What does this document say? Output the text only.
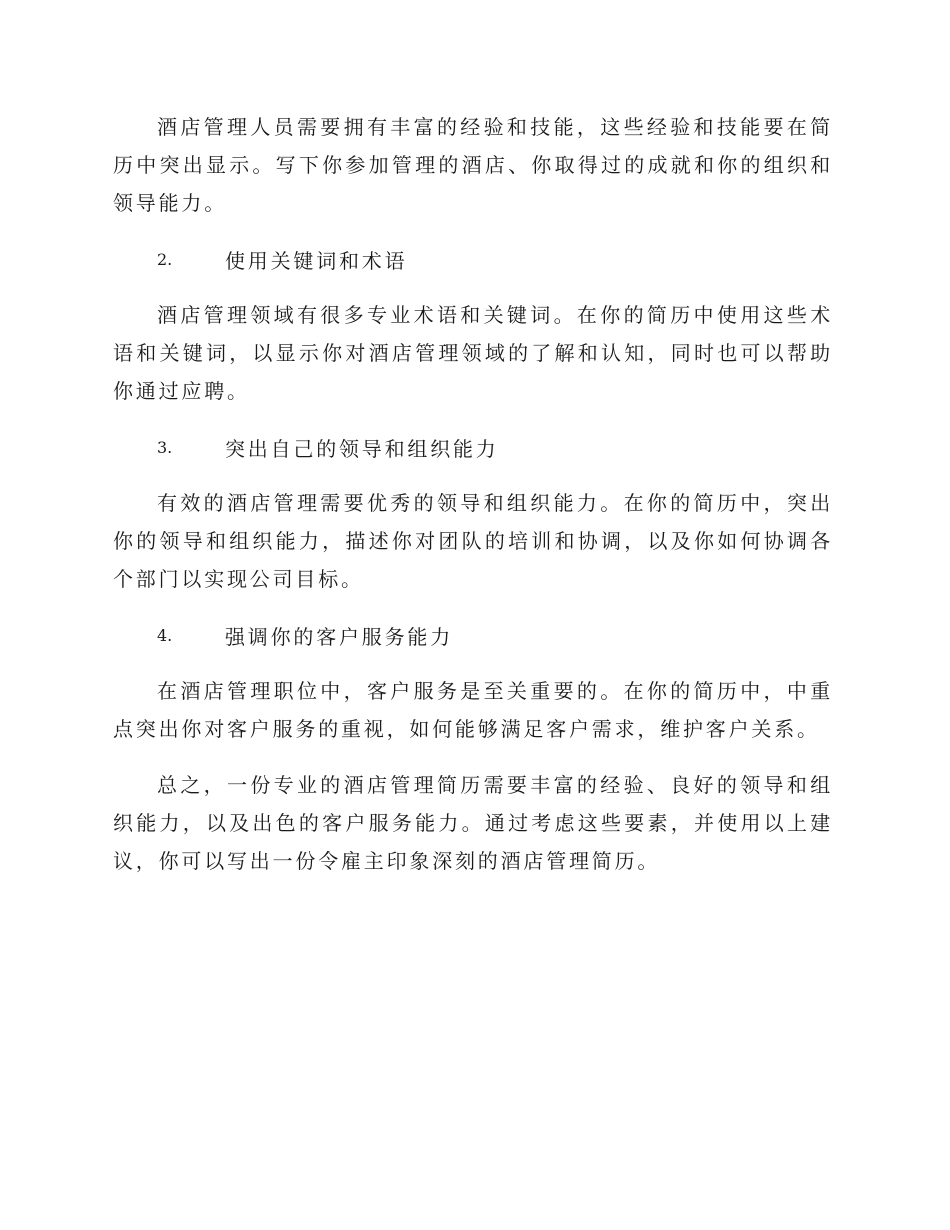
酒店管理人员需要拥有丰富的经验和技能，这些经验和技能要在简历中突出显示。写下你参加管理的酒店、你取得过的成就和你的组织和领导能力。

2.	使用关键词和术语

酒店管理领域有很多专业术语和关键词。在你的简历中使用这些术语和关键词，以显示你对酒店管理领域的了解和认知，同时也可以帮助你通过应聘。

3.	突出自己的领导和组织能力

有效的酒店管理需要优秀的领导和组织能力。在你的简历中，突出你的领导和组织能力，描述你对团队的培训和协调，以及你如何协调各个部门以实现公司目标。

4.	强调你的客户服务能力

在酒店管理职位中，客户服务是至关重要的。在你的简历中，中重点突出你对客户服务的重视，如何能够满足客户需求，维护客户关系。

总之，一份专业的酒店管理简历需要丰富的经验、良好的领导和组织能力，以及出色的客户服务能力。通过考虑这些要素，并使用以上建议，你可以写出一份令雇主印象深刻的酒店管理简历。
